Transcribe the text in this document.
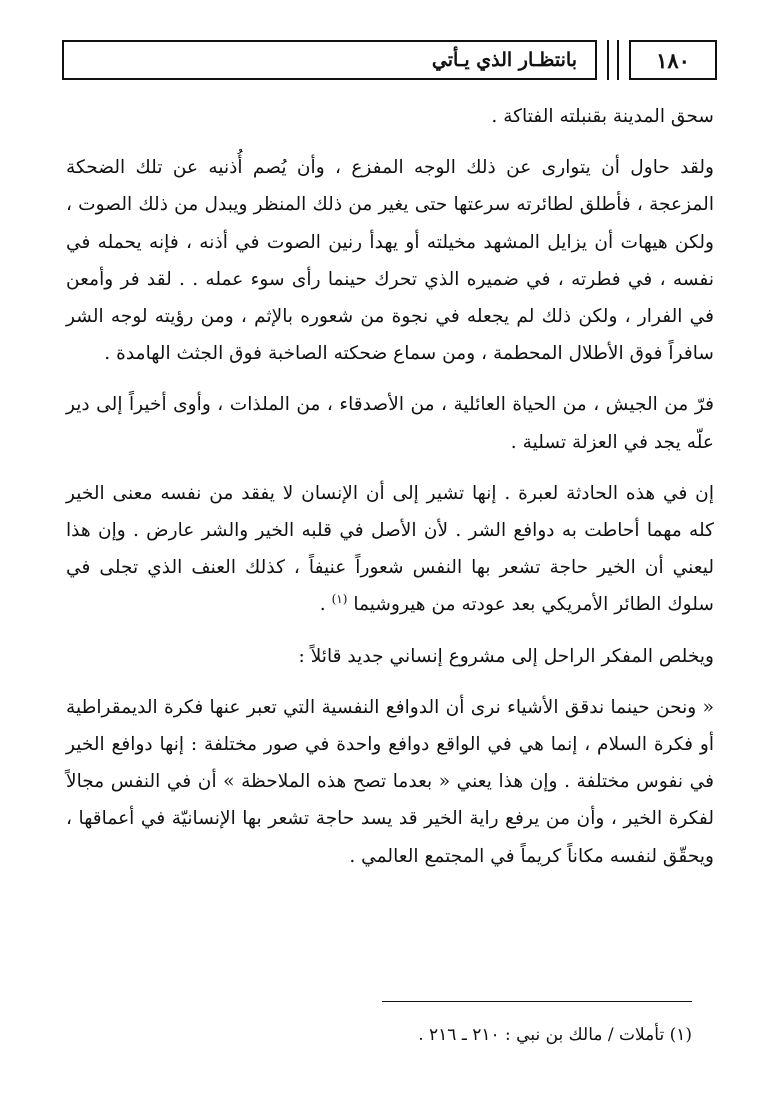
١٨٠
بانتظـار الذي يـأتي

سحق المدينة بقنبلته الفتاكة .

ولقد حاول أن يتوارى عن ذلك الوجه المفزع ، وأن يُصم أُذنيه عن تلك الضحكة المزعجة ، فأطلق لطائرته سرعتها حتى يغير من ذلك المنظر ويبدل من ذلك الصوت ، ولكن هيهات أن يزايل المشهد مخيلته أو يهدأ رنين الصوت في أذنه ، فإنه يحمله في نفسه ، في فطرته ، في ضميره الذي تحرك حينما رأى سوء عمله . . لقد فر وأمعن في الفرار ، ولكن ذلك لم يجعله في نجوة من شعوره بالإثم ، ومن رؤيته لوجه الشر سافراً فوق الأطلال المحطمة ، ومن سماع ضحكته الصاخبة فوق الجثث الهامدة .

فرّ من الجيش ، من الحياة العائلية ، من الأصدقاء ، من الملذات ، وأوى أخيراً إلى دير علّه يجد في العزلة تسلية .

إن في هذه الحادثة لعبرة . إنها تشير إلى أن الإنسان لا يفقد من نفسه معنى الخير كله مهما أحاطت به دوافع الشر . لأن الأصل في قلبه الخير والشر عارض . وإن هذا ليعني أن الخير حاجة تشعر بها النفس شعوراً عنيفاً ، كذلك العنف الذي تجلى في سلوك الطائر الأمريكي بعد عودته من هيروشيما $^{(١)}$ .

ويخلص المفكر الراحل إلى مشروع إنساني جديد قائلاً :

« ونحن حينما ندقق الأشياء نرى أن الدوافع النفسية التي تعبر عنها فكرة الديمقراطية أو فكرة السلام ، إنما هي في الواقع دوافع واحدة في صور مختلفة : إنها دوافع الخير في نفوس مختلفة . وإن هذا يعني « بعدما تصح هذه الملاحظة » أن في النفس مجالاً لفكرة الخير ، وأن من يرفع راية الخير قد يسد حاجة تشعر بها الإنسانيّة في أعماقها ، ويحقّق لنفسه مكاناً كريماً في المجتمع العالمي .

(١) تأملات / مالك بن نبي : ٢١٠ ـ ٢١٦ .
